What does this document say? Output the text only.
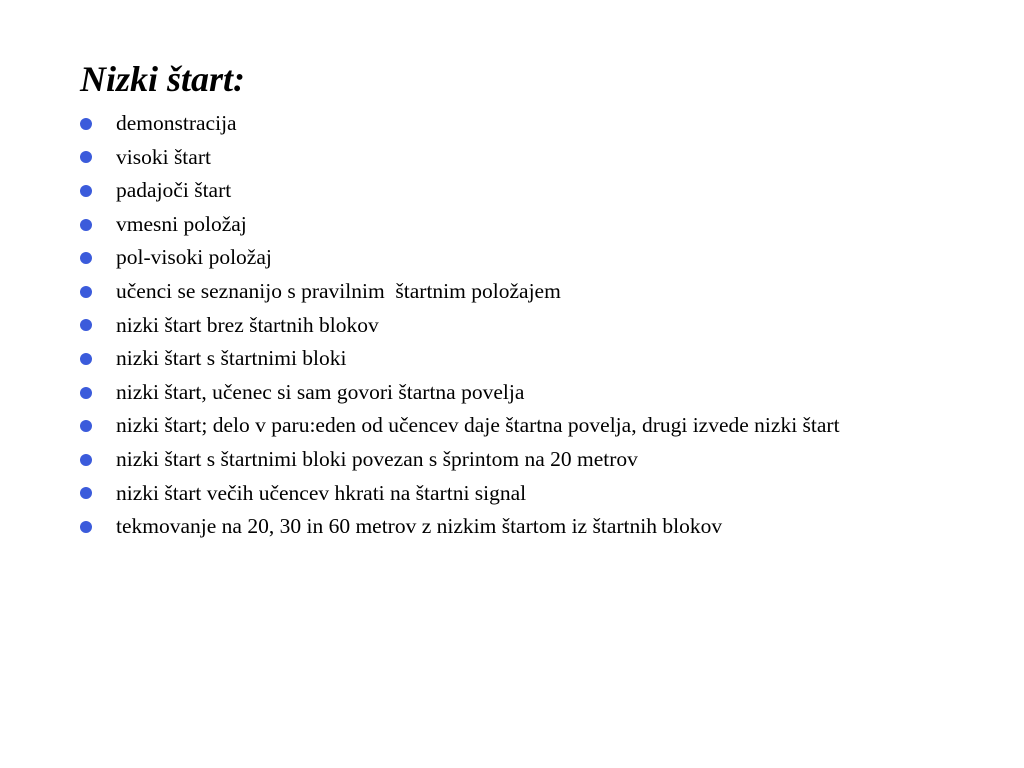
Nizki štart:
demonstracija
visoki štart
padajoči štart
vmesni položaj
pol-visoki položaj
učenci se seznanijo s pravilnim  štartnim položajem
nizki štart brez štartnih blokov
nizki štart s štartnimi bloki
nizki štart, učenec si sam govori štartna povelja
nizki štart; delo v paru:eden od učencev daje štartna povelja, drugi izvede nizki štart
nizki štart s štartnimi bloki povezan s šprintom na 20 metrov
nizki štart večih učencev hkrati na štartni signal
tekmovanje na 20, 30 in 60 metrov z nizkim štartom iz štartnih blokov
